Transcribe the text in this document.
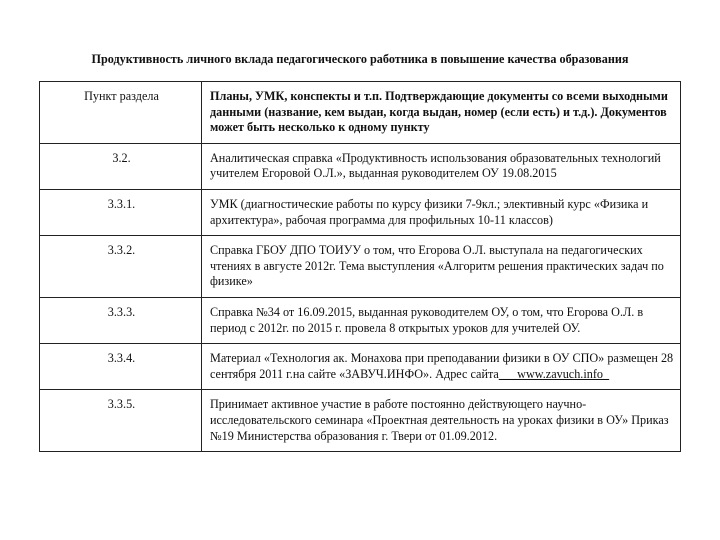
Продуктивность личного вклада педагогического работника в повышение качества образования
Пункт раздела	Планы, УМК, конспекты и т.п. Подтверждающие документы со всеми выходными данными (название, кем выдан, когда выдан, номер (если есть) и т.д.). Документов может быть несколько к одному пункту
3.2.	Аналитическая справка «Продуктивность использования образовательных технологий учителем Егоровой О.Л.», выданная руководителем ОУ 19.08.2015
3.3.1.	УМК (диагностические работы по курсу физики 7-9кл.; элективный курс «Физика и архитектура», рабочая программа для профильных 10-11 классов)
3.3.2.	Справка ГБОУ ДПО ТОИУУ о том, что Егорова О.Л. выступала на педагогических чтениях в августе 2012г. Тема выступления «Алгоритм решения практических задач по физике»
3.3.3.	Справка №34 от 16.09.2015, выданная руководителем ОУ, о том, что Егорова О.Л. в период с 2012г. по 2015 г. провела 8 открытых уроков для учителей ОУ.
3.3.4.	Материал «Технология ак. Монахова при преподавании физики в ОУ СПО» размещен 28 сентября 2011 г.на сайте «ЗАВУЧ.ИНФО». Адрес сайта___www.zavuch.info_
3.3.5.	Принимает активное участие в работе постоянно действующего научно-исследовательского семинара «Проектная деятельность на уроках физики в ОУ» Приказ №19 Министерства образования г. Твери от 01.09.2012.
